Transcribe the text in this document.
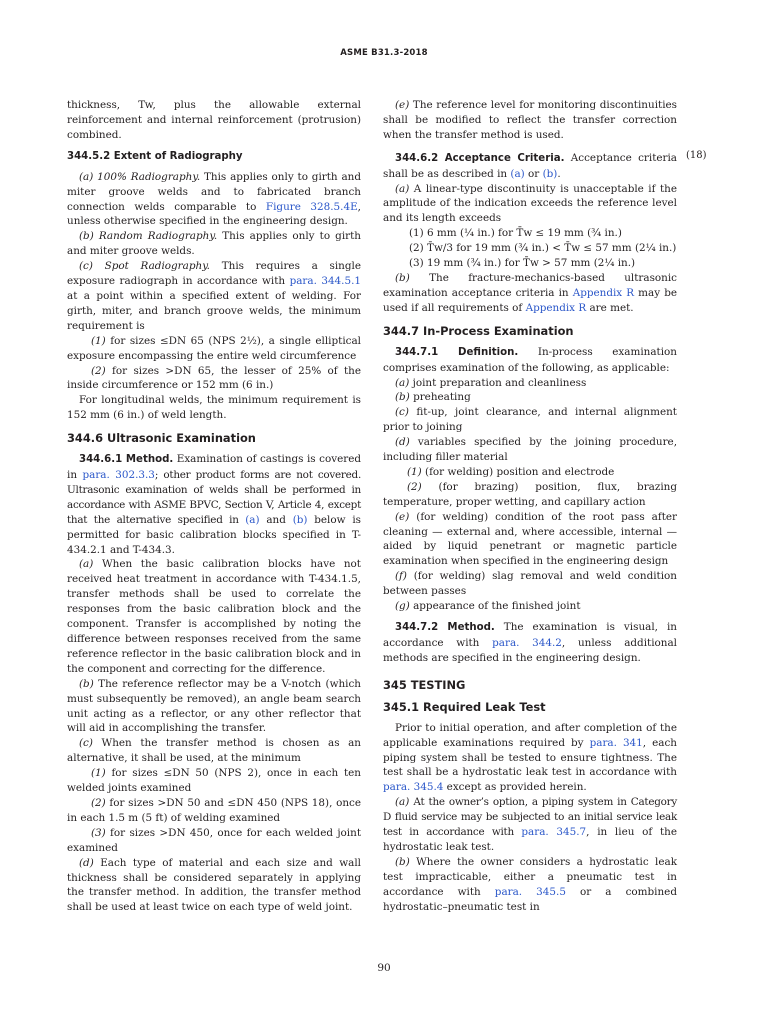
ASME B31.3-2018
(18)

thickness, Tw, plus the allowable external reinforcement and internal reinforcement (protrusion) combined.

344.5.2 Extent of Radiography

(a) 100% Radiography. This applies only to girth and miter groove welds and to fabricated branch connection welds comparable to Figure 328.5.4E, unless otherwise specified in the engineering design.

(b) Random Radiography. This applies only to girth and miter groove welds.

(c) Spot Radiography. This requires a single exposure radiograph in accordance with para. 344.5.1 at a point within a specified extent of welding. For girth, miter, and branch groove welds, the minimum requirement is

(1) for sizes ≤DN 65 (NPS 2½), a single elliptical exposure encompassing the entire weld circumference

(2) for sizes >DN 65, the lesser of 25% of the inside circumference or 152 mm (6 in.)

For longitudinal welds, the minimum requirement is 152 mm (6 in.) of weld length.

344.6 Ultrasonic Examination

344.6.1 Method. Examination of castings is covered in para. 302.3.3; other product forms are not covered. Ultrasonic examination of welds shall be performed in accordance with ASME BPVC, Section V, Article 4, except that the alternative specified in (a) and (b) below is permitted for basic calibration blocks specified in T-434.2.1 and T-434.3.

(a) When the basic calibration blocks have not received heat treatment in accordance with T-434.1.5, transfer methods shall be used to correlate the responses from the basic calibration block and the component. Transfer is accomplished by noting the difference between responses received from the same reference reflector in the basic calibration block and in the component and correcting for the difference.

(b) The reference reflector may be a V-notch (which must subsequently be removed), an angle beam search unit acting as a reflector, or any other reflector that will aid in accomplishing the transfer.

(c) When the transfer method is chosen as an alternative, it shall be used, at the minimum

(1) for sizes ≤DN 50 (NPS 2), once in each ten welded joints examined

(2) for sizes >DN 50 and ≤DN 450 (NPS 18), once in each 1.5 m (5 ft) of welding examined

(3) for sizes >DN 450, once for each welded joint examined

(d) Each type of material and each size and wall thickness shall be considered separately in applying the transfer method. In addition, the transfer method shall be used at least twice on each type of weld joint.

(e) The reference level for monitoring discontinuities shall be modified to reflect the transfer correction when the transfer method is used.

344.6.2 Acceptance Criteria. Acceptance criteria shall be as described in (a) or (b).

(a) A linear-type discontinuity is unacceptable if the amplitude of the indication exceeds the reference level and its length exceeds

(1) 6 mm (¼ in.) for T̄w ≤ 19 mm (¾ in.)

(2) T̄w/3 for 19 mm (¾ in.) < T̄w ≤ 57 mm (2¼ in.)

(3) 19 mm (¾ in.) for T̄w > 57 mm (2¼ in.)

(b) The fracture-mechanics-based ultrasonic examination acceptance criteria in Appendix R may be used if all requirements of Appendix R are met.

344.7 In-Process Examination

344.7.1 Definition. In-process examination comprises examination of the following, as applicable:

(a) joint preparation and cleanliness

(b) preheating

(c) fit-up, joint clearance, and internal alignment prior to joining

(d) variables specified by the joining procedure, including filler material

(1) (for welding) position and electrode

(2) (for brazing) position, flux, brazing temperature, proper wetting, and capillary action

(e) (for welding) condition of the root pass after cleaning — external and, where accessible, internal — aided by liquid penetrant or magnetic particle examination when specified in the engineering design

(f) (for welding) slag removal and weld condition between passes

(g) appearance of the finished joint

344.7.2 Method. The examination is visual, in accordance with para. 344.2, unless additional methods are specified in the engineering design.

345 TESTING
345.1 Required Leak Test

Prior to initial operation, and after completion of the applicable examinations required by para. 341, each piping system shall be tested to ensure tightness. The test shall be a hydrostatic leak test in accordance with para. 345.4 except as provided herein.

(a) At the owner’s option, a piping system in Category D fluid service may be subjected to an initial service leak test in accordance with para. 345.7, in lieu of the hydrostatic leak test.

(b) Where the owner considers a hydrostatic leak test impracticable, either a pneumatic test in accordance with para. 345.5 or a combined hydrostatic–pneumatic test in

90
